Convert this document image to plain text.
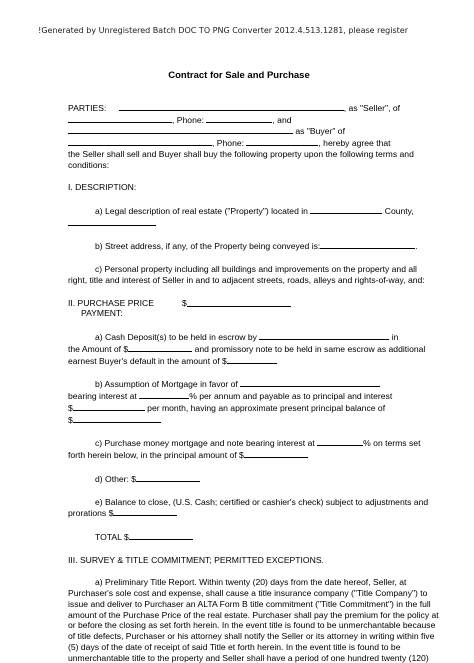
!Generated by Unregistered Batch DOC TO PNG Converter 2012.4.513.1281, please register
Contract for Sale and Purchase
PARTIES:	, as "Seller", of
, Phone:	, and
as "Buyer" of
, Phone:	, hereby agree that
the Seller shall sell and Buyer shall buy the following property upon the following terms and
conditions:
I. DESCRIPTION:
a) Legal description of real estate ("Property") located in	County,
b) Street address, if any, of the Property being conveyed is:	.
c) Personal property including all buildings and improvements on the property and all
right, title and interest of Seller in and to adjacent streets, roads, alleys and rights-of-way, and:
II. PURCHASE PRICE	$
PAYMENT:
a) Cash Deposit(s) to be held in escrow by	in
the Amount of $	and promissory note to be held in same escrow as additional
earnest Buyer's default in the amount of $
b) Assumption of Mortgage in favor of
bearing interest at	% per annum and payable as to principal and interest
$	per month, having an approximate present principal balance of
$
c) Purchase money mortgage and note bearing interest at	% on terms set
forth herein below, in the principal amount of $
d) Other: $
e) Balance to close, (U.S. Cash; certified or cashier's check) subject to adjustments and
prorations $
TOTAL $
III. SURVEY & TITLE COMMITMENT; PERMITTED EXCEPTIONS.
a) Preliminary Title Report. Within twenty (20) days from the date hereof, Seller, at
Purchaser's sole cost and expense, shall cause a title insurance company ("Title Company") to
issue and deliver to Purchaser an ALTA Form B title commitment ("Title Commitment") in the full
amount of the Purchase Price of the real estate. Purchaser shall pay the premium for the policy at
or before the closing as set forth herein. In the event title is found to be unmerchantable because
of title defects, Purchaser or his attorney shall notify the Seller or its attorney in writing within five
(5) days of the date of receipt of said Title et forth herein. In the event title is found to be
unmerchantable title to the property and Seller shall have a period of one hundred twenty (120)
